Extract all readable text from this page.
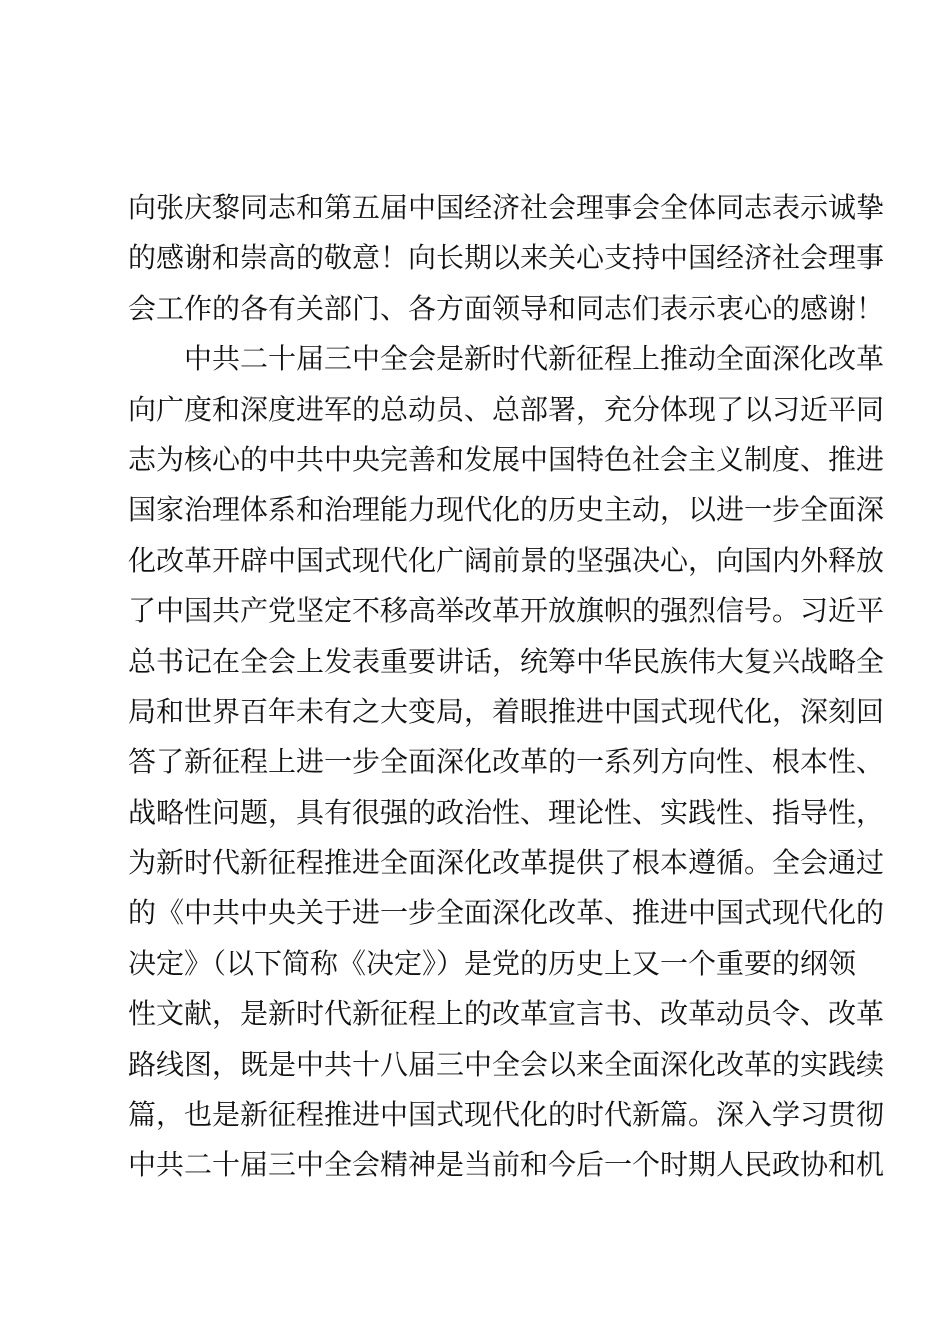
向张庆黎同志和第五届中国经济社会理事会全体同志表示诚挚
的感谢和崇高的敬意！向长期以来关心支持中国经济社会理事
会工作的各有关部门、各方面领导和同志们表示衷心的感谢！
中共二十届三中全会是新时代新征程上推动全面深化改革
向广度和深度进军的总动员、总部署，充分体现了以习近平同
志为核心的中共中央完善和发展中国特色社会主义制度、推进
国家治理体系和治理能力现代化的历史主动，以进一步全面深
化改革开辟中国式现代化广阔前景的坚强决心，向国内外释放
了中国共产党坚定不移高举改革开放旗帜的强烈信号。习近平
总书记在全会上发表重要讲话，统筹中华民族伟大复兴战略全
局和世界百年未有之大变局，着眼推进中国式现代化，深刻回
答了新征程上进一步全面深化改革的一系列方向性、根本性、
战略性问题，具有很强的政治性、理论性、实践性、指导性，
为新时代新征程推进全面深化改革提供了根本遵循。全会通过
的《中共中央关于进一步全面深化改革、推进中国式现代化的
决定》（以下简称《决定》）是党的历史上又一个重要的纲领
性文献，是新时代新征程上的改革宣言书、改革动员令、改革
路线图，既是中共十八届三中全会以来全面深化改革的实践续
篇，也是新征程推进中国式现代化的时代新篇。深入学习贯彻
中共二十届三中全会精神是当前和今后一个时期人民政协和机
